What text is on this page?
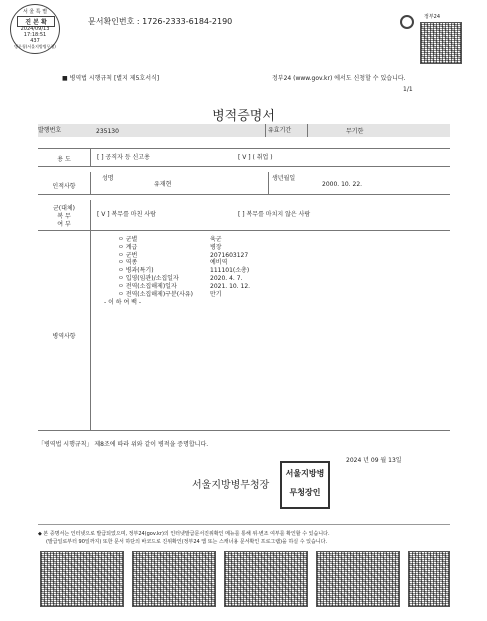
서 울 특 별
진 본 확
2024/09/13
17:18:51
437
병무청(서울지방병무청)
문서확인번호 : 1726-2333-6184-2190	정부24
■ 병역법 시행규칙 [별지 제5호서식]	정부24 (www.gov.kr) 에서도 신청할 수 있습니다.
1/1
병적증명서
발행번호	235130	유효기간	무기한
용 도	[ ] 공직자 등 신고용	[ V ] ( 취업 )
인적사항
성명
유재현
생년월일
2000. 10. 22.
군(대체)
복 무
여 부
[ V ] 복무를 마친 사람	[ ] 복무를 마치지 않은 사람
병역사항
ㅇ 군별	육군
ㅇ 계급	병장
ㅇ 군번	2071603127
ㅇ 역종	예비역
ㅇ 병과(특기)	111101(소총)
ㅇ 입영(임관)/소집일자	2020. 4. 7.
ㅇ 전역(소집해제)일자	2021. 10. 12.
ㅇ 전역(소집해제)구분(사유)	만기
- 이 하 여 백 -
「병역법 시행규칙」 제8조에 따라 위와 같이 병적을 증명합니다.
2024 년 09 월 13일
서울지방병무청장
서울지방병
무청장인
◆ 본 증명서는 인터넷으로 발급되었으며, 정부24(gov.kr)의 인터넷발급문서진위확인 메뉴를 통해 위·변조 여부를 확인할 수 있습니다.
(발급일로부터 90일까지) 또한 문서 하단의 바코드로 진위확인(정부24 앱 또는 스캐너용 문서확인 프로그램)을 하실 수 있습니다.
